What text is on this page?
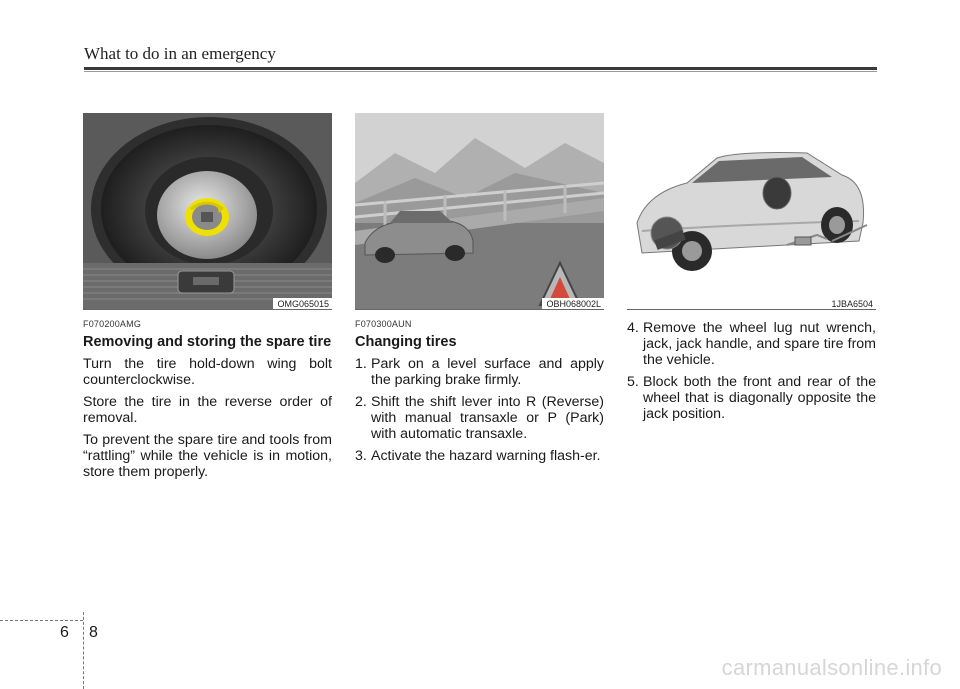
What to do in an emergency
OMG065015
F070200AMG
Removing and storing the spare tire

Turn the tire hold-down wing bolt counterclockwise.

Store the tire in the reverse order of removal.

To prevent the spare tire and tools from “rattling” while the vehicle is in motion, store them properly.

OBH068002L
F070300AUN
Changing tires
1. Park on a level surface and apply the parking brake firmly.
2. Shift the shift lever into R (Reverse) with manual transaxle or P (Park) with automatic transaxle.
3. Activate the hazard warning flash-er.
1JBA6504
4. Remove the wheel lug nut wrench, jack, jack handle, and spare tire from the vehicle.
5. Block both the front and rear of the wheel that is diagonally opposite the jack position.
6 8
carmanualsonline.info
